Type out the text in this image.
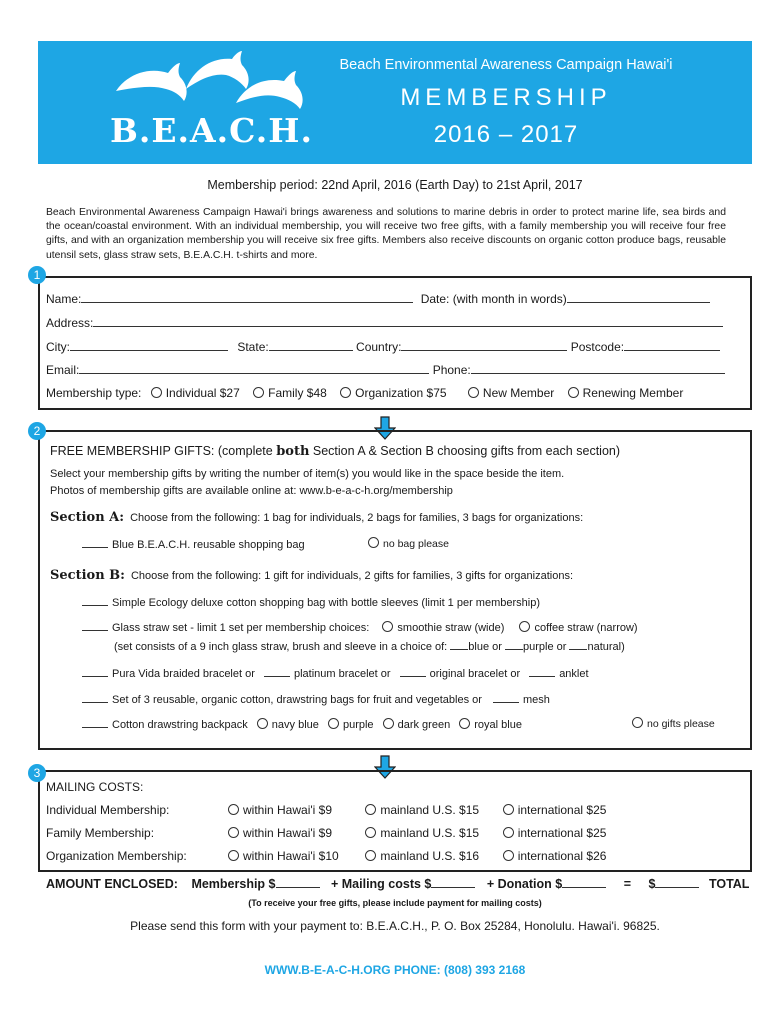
B.E.A.C.H.
Beach Environmental Awareness Campaign Hawai'i
MEMBERSHIP
2016 – 2017
Membership period: 22nd April, 2016 (Earth Day) to 21st April, 2017
Beach Environmental Awareness Campaign Hawai'i brings awareness and solutions to marine debris in order to protect marine life, sea birds and the ocean/coastal environment. With an individual membership, you will receive two free gifts, with a family membership you will receive four free gifts, and with an organization membership you will receive six free gifts. Members also receive discounts on organic cotton produce bags, reusable utensil sets, glass straw sets, B.E.A.C.H. t-shirts and more.
1
Name:	Date: (with month in words)
Address:
City:	State:	Country:	Postcode:
Email:	Phone:
Membership type: Individual $27 Family $48 Organization $75	New Member Renewing Member
2
FREE MEMBERSHIP GIFTS: (complete both Section A & Section B choosing gifts from each section)
Select your membership gifts by writing the number of item(s) you would like in the space beside the item.
Photos of membership gifts are available online at: www.b-e-a-c-h.org/membership
Section A: Choose from the following: 1 bag for individuals, 2 bags for families, 3 bags for organizations:
Blue B.E.A.C.H. reusable shopping bag	no bag please
Section B: Choose from the following: 1 gift for individuals, 2 gifts for families, 3 gifts for organizations:
Simple Ecology deluxe cotton shopping bag with bottle sleeves (limit 1 per membership)
Glass straw set - limit 1 set per membership choices:	smoothie straw (wide)	coffee straw (narrow)
(set consists of a 9 inch glass straw, brush and sleeve in a choice of: blue or purple or natural)
Pura Vida braided bracelet or	platinum bracelet or	original bracelet or	anklet
Set of 3 reusable, organic cotton, drawstring bags for fruit and vegetables or	mesh
Cotton drawstring backpack navy blue purple dark green royal blue	no gifts please
3
MAILING COSTS:
Individual Membership:	within Hawai'i $9	mainland U.S. $15	international $25
Family Membership:	within Hawai'i $9	mainland U.S. $15	international $25
Organization Membership:	within Hawai'i $10	mainland U.S. $16	international $26
AMOUNT ENCLOSED: Membership $	+ Mailing costs $	+ Donation $	= $	TOTAL
(To receive your free gifts, please include payment for mailing costs)
Please send this form with your payment to: B.E.A.C.H., P. O. Box 25284, Honolulu. Hawai'i. 96825.
WWW.B-E-A-C-H.ORG PHONE: (808) 393 2168
